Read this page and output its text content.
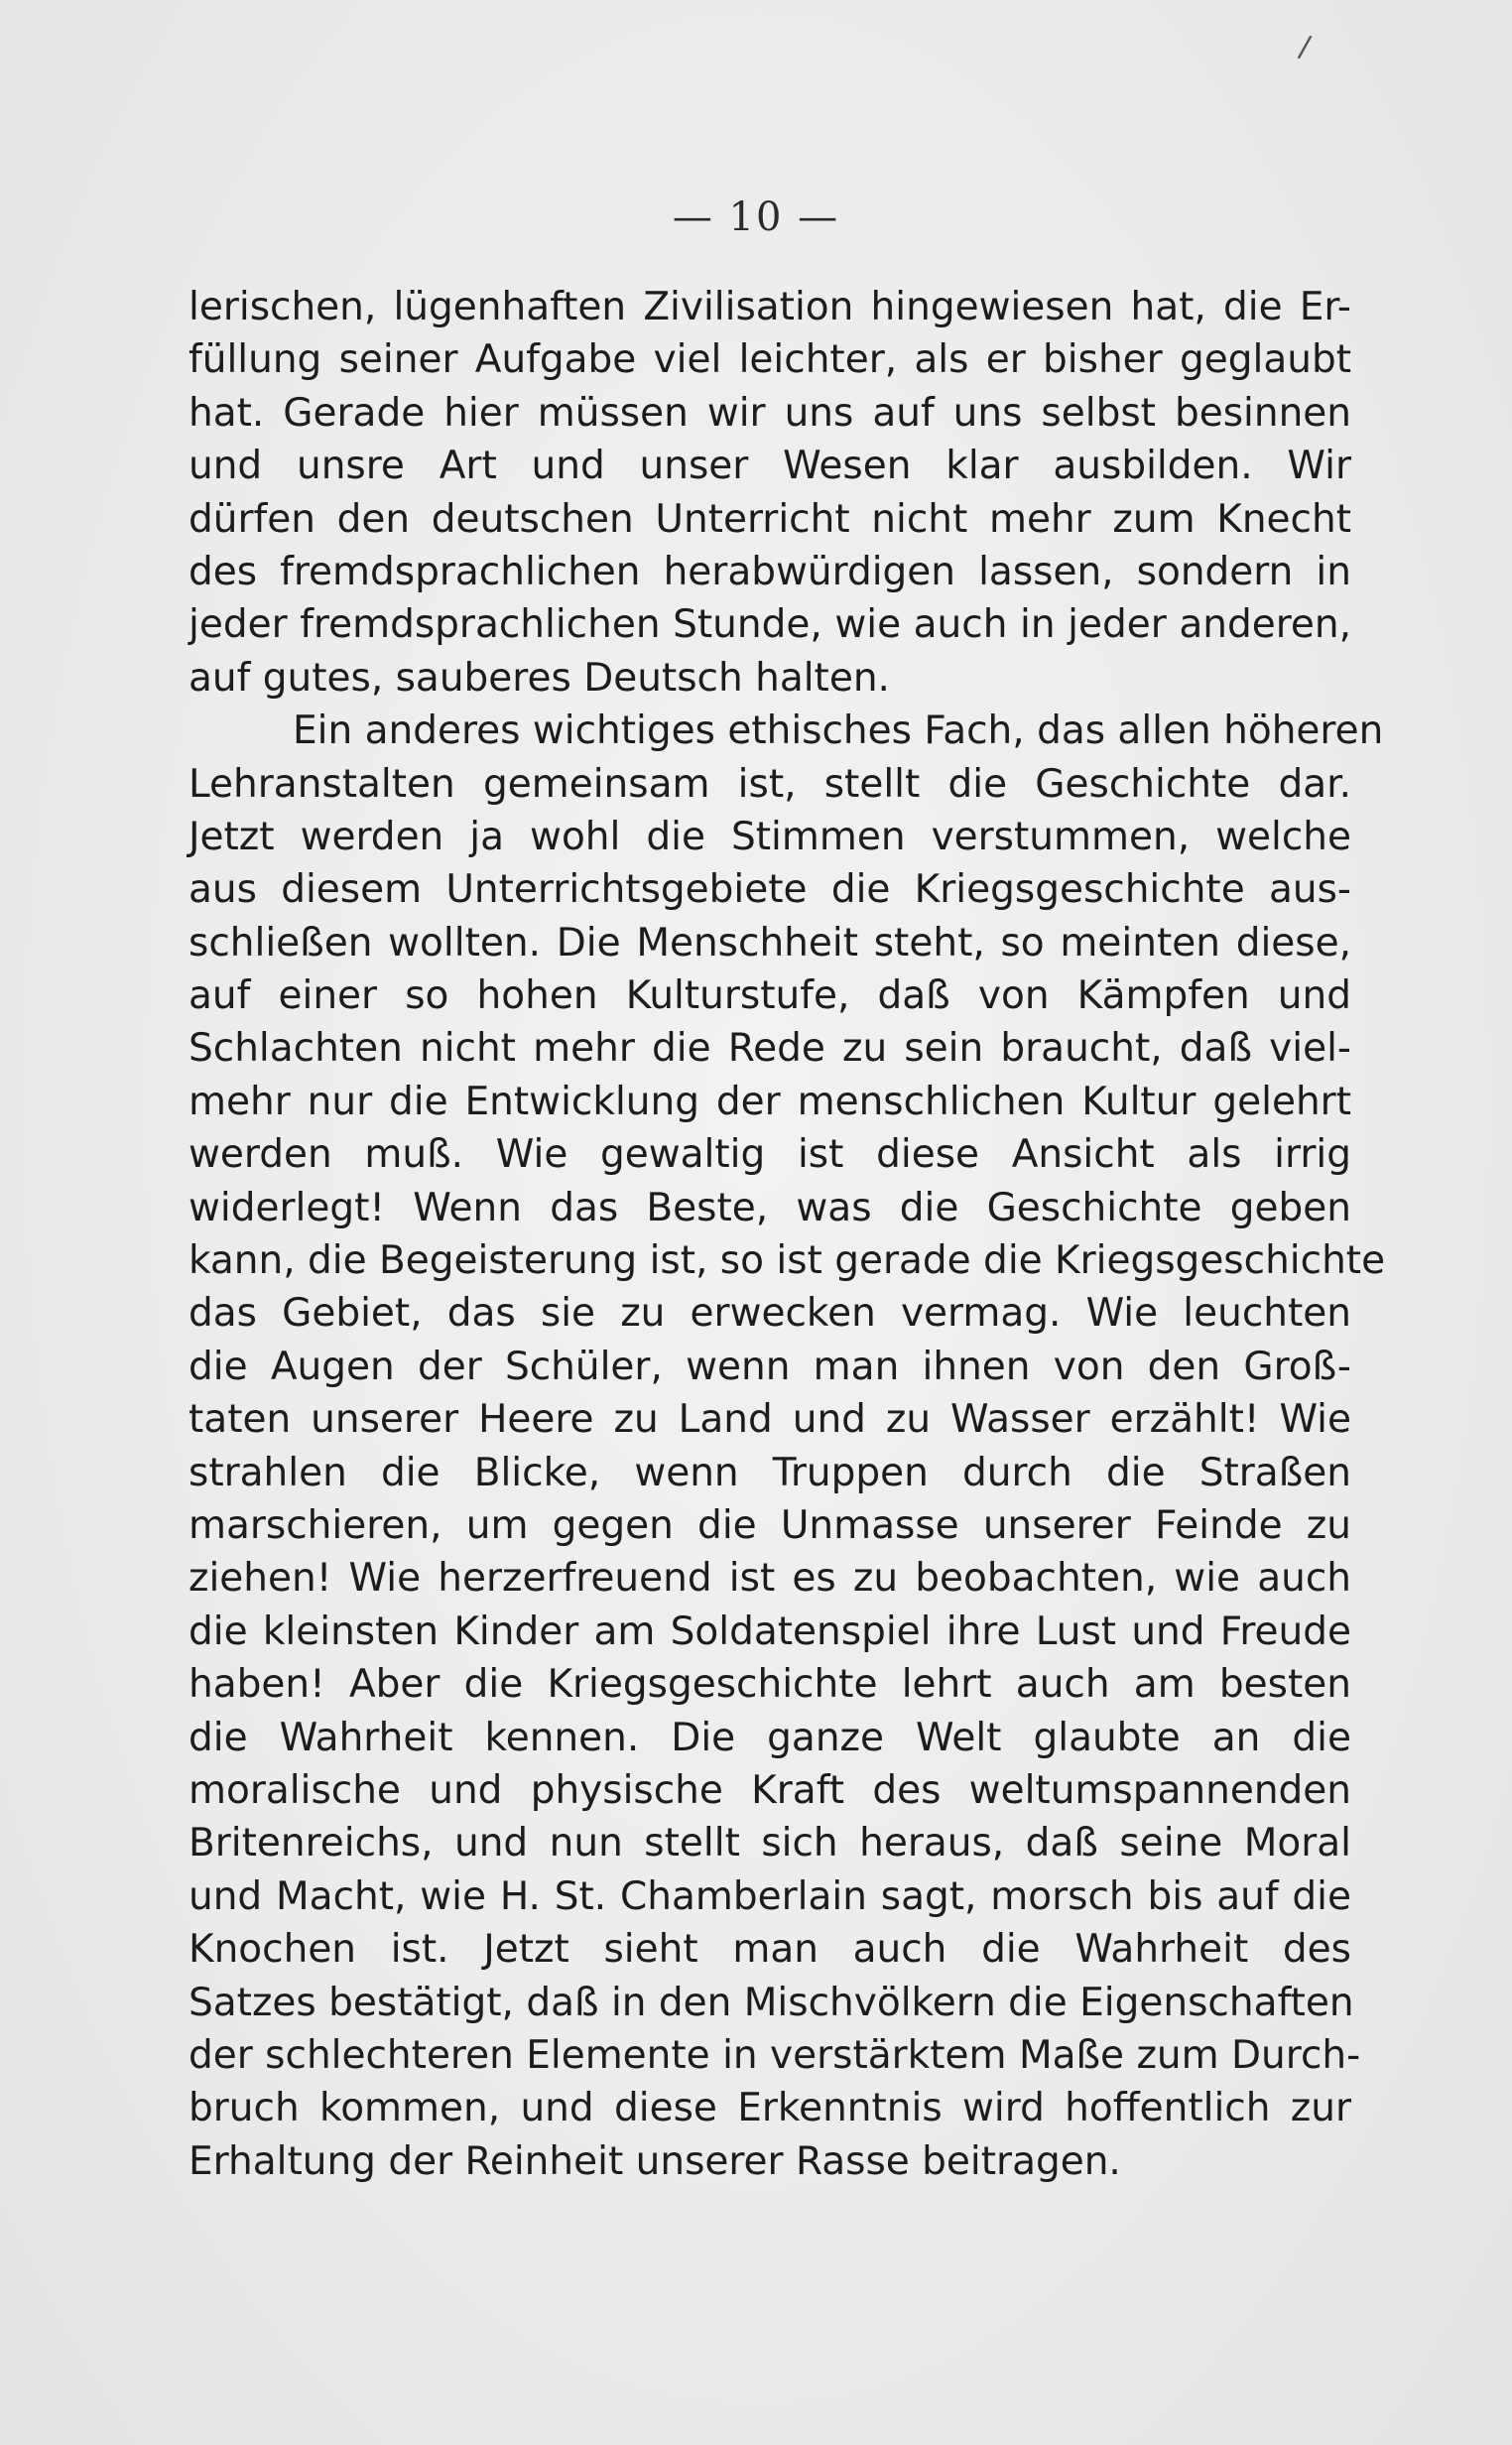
/
— 10 —
lerischen, lügenhaften Zivilisation hingewiesen hat, die Er-
füllung seiner Aufgabe viel leichter, als er bisher geglaubt
hat. Gerade hier müssen wir uns auf uns selbst besinnen
und unsre Art und unser Wesen klar ausbilden. Wir
dürfen den deutschen Unterricht nicht mehr zum Knecht
des fremdsprachlichen herabwürdigen lassen, sondern in
jeder fremdsprachlichen Stunde, wie auch in jeder anderen,
auf gutes, sauberes Deutsch halten.
Ein anderes wichtiges ethisches Fach, das allen höheren
Lehranstalten gemeinsam ist, stellt die Geschichte dar.
Jetzt werden ja wohl die Stimmen verstummen, welche
aus diesem Unterrichtsgebiete die Kriegsgeschichte aus-
schließen wollten. Die Menschheit steht, so meinten diese,
auf einer so hohen Kulturstufe, daß von Kämpfen und
Schlachten nicht mehr die Rede zu sein braucht, daß viel-
mehr nur die Entwicklung der menschlichen Kultur gelehrt
werden muß. Wie gewaltig ist diese Ansicht als irrig
widerlegt! Wenn das Beste, was die Geschichte geben
kann, die Begeisterung ist, so ist gerade die Kriegsgeschichte
das Gebiet, das sie zu erwecken vermag. Wie leuchten
die Augen der Schüler, wenn man ihnen von den Groß-
taten unserer Heere zu Land und zu Wasser erzählt! Wie
strahlen die Blicke, wenn Truppen durch die Straßen
marschieren, um gegen die Unmasse unserer Feinde zu
ziehen! Wie herzerfreuend ist es zu beobachten, wie auch
die kleinsten Kinder am Soldatenspiel ihre Lust und Freude
haben! Aber die Kriegsgeschichte lehrt auch am besten
die Wahrheit kennen. Die ganze Welt glaubte an die
moralische und physische Kraft des weltumspannenden
Britenreichs, und nun stellt sich heraus, daß seine Moral
und Macht, wie H. St. Chamberlain sagt, morsch bis auf die
Knochen ist. Jetzt sieht man auch die Wahrheit des
Satzes bestätigt, daß in den Mischvölkern die Eigenschaften
der schlechteren Elemente in verstärktem Maße zum Durch-
bruch kommen, und diese Erkenntnis wird hoffentlich zur
Erhaltung der Reinheit unserer Rasse beitragen.
